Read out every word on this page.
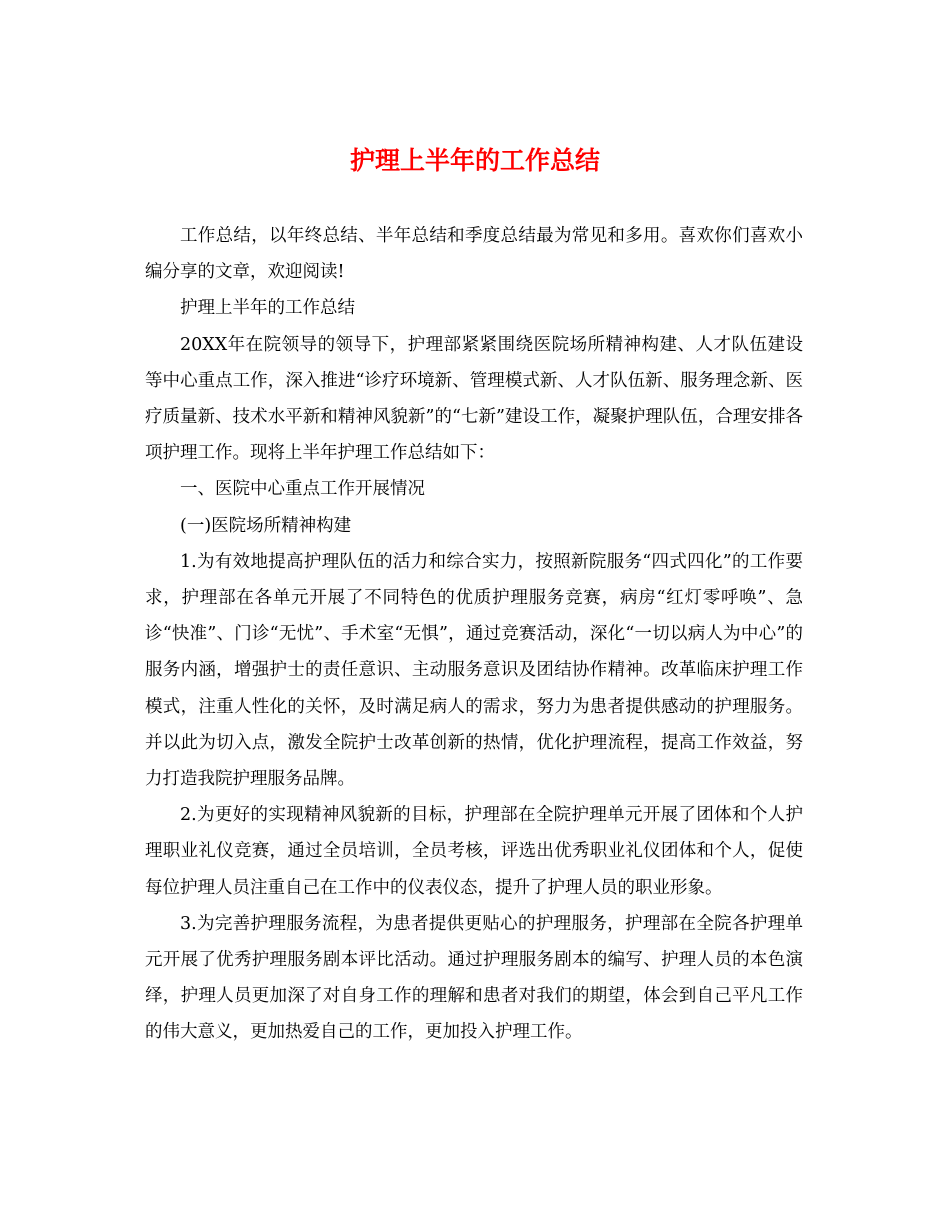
护理上半年的工作总结

工作总结，以年终总结、半年总结和季度总结最为常见和多用。喜欢你们喜欢小编分享的文章，欢迎阅读!

护理上半年的工作总结

20XX年在院领导的领导下，护理部紧紧围绕医院场所精神构建、人才队伍建设等中心重点工作，深入推进“诊疗环境新、管理模式新、人才队伍新、服务理念新、医疗质量新、技术水平新和精神风貌新”的“七新”建设工作，凝聚护理队伍，合理安排各项护理工作。现将上半年护理工作总结如下：

一、医院中心重点工作开展情况

(一)医院场所精神构建

1.为有效地提高护理队伍的活力和综合实力，按照新院服务“四式四化”的工作要求，护理部在各单元开展了不同特色的优质护理服务竞赛，病房“红灯零呼唤”、急诊“快准”、门诊“无忧”、手术室“无惧”，通过竞赛活动，深化“一切以病人为中心”的服务内涵，增强护士的责任意识、主动服务意识及团结协作精神。改革临床护理工作模式，注重人性化的关怀，及时满足病人的需求，努力为患者提供感动的护理服务。并以此为切入点，激发全院护士改革创新的热情，优化护理流程，提高工作效益，努力打造我院护理服务品牌。

2.为更好的实现精神风貌新的目标，护理部在全院护理单元开展了团体和个人护理职业礼仪竞赛，通过全员培训，全员考核，评选出优秀职业礼仪团体和个人，促使每位护理人员注重自己在工作中的仪表仪态，提升了护理人员的职业形象。

3.为完善护理服务流程，为患者提供更贴心的护理服务，护理部在全院各护理单元开展了优秀护理服务剧本评比活动。通过护理服务剧本的编写、护理人员的本色演绎，护理人员更加深了对自身工作的理解和患者对我们的期望，体会到自己平凡工作的伟大意义，更加热爱自己的工作，更加投入护理工作。
